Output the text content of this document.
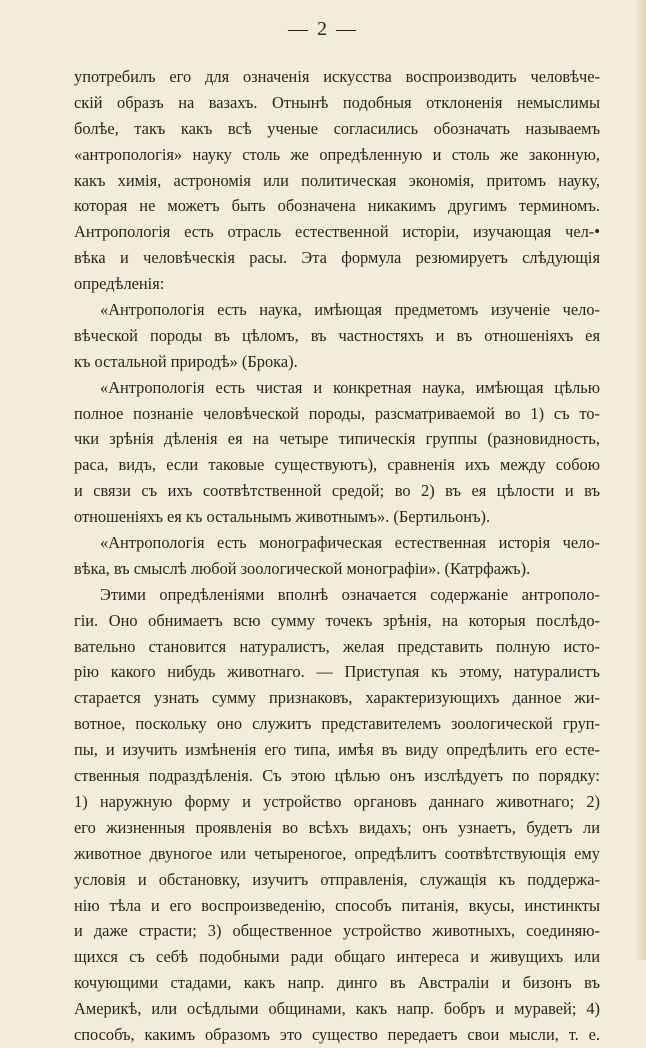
— 2 —
употребилъ его для означенія искусства воспроизводить человѣче-
скій образъ на вазахъ. Отнынѣ подобныя отклоненія немыслимы
болѣе, такъ какъ всѣ ученые согласились обозначать называемъ
«антропологія» науку столь же опредѣленную и столь же законную,
какъ химія, астрономія или политическая экономія, притомъ науку,
которая не можетъ быть обозначена никакимъ другимъ терминомъ.
Антропологія есть отрасль естественной исторіи, изучающая чел-•
вѣка и человѣческія расы. Эта формула резюмируетъ слѣдующія
опредѣленія:
«Антропологія есть наука, имѣющая предметомъ изученіе чело-
вѣческой породы въ цѣломъ, въ частностяхъ и въ отношеніяхъ ея
къ остальной природѣ» (Брока).
«Антропологія есть чистая и конкретная наука, имѣющая цѣлью
полное познаніе человѣческой породы, разсматриваемой во 1) съ то-
чки зрѣнія дѣленія ея на четыре типическія группы (разновидность,
раса, видъ, если таковые существуютъ), сравненія ихъ между собою
и связи съ ихъ соотвѣтственной средой; во 2) въ ея цѣлости и въ
отношеніяхъ ея къ остальнымъ животнымъ». (Бертильонъ).
«Антропологія есть монографическая естественная исторія чело-
вѣка, въ смыслѣ любой зоологической монографіи». (Катрфажъ).
Этими опредѣленіями вполнѣ означается содержаніе антрополо-
гіи. Оно обнимаетъ всю сумму точекъ зрѣнія, на которыя послѣдо-
вательно становится натуралистъ, желая представить полную исто-
рію какого нибудь животнаго. — Приступая къ этому, натуралистъ
старается узнать сумму признаковъ, характеризующихъ данное жи-
вотное, поскольку оно служитъ представителемъ зоологической груп-
пы, и изучить измѣненія его типа, имѣя въ виду опредѣлить его есте-
ственныя подраздѣленія. Съ этою цѣлью онъ изслѣдуетъ по порядку:
1) наружную форму и устройство органовъ даннаго животнаго; 2)
его жизненныя проявленія во всѣхъ видахъ; онъ узнаетъ, будетъ ли
животное двуногое или четыреногое, опредѣлитъ соотвѣтствующія ему
условія и обстановку, изучитъ отправленія, служащія къ поддержа-
нію тѣла и его воспроизведенію, способъ питанія, вкусы, инстинкты
и даже страсти; 3) общественное устройство животныхъ, соединяю-
щихся съ себѣ подобными ради общаго интереса и живущихъ или
кочующими стадами, какъ напр. динго въ Австраліи и бизонъ въ
Америкѣ, или осѣдлыми общинами, какъ напр. бобръ и муравей; 4)
способъ, какимъ образомъ это существо передаетъ свои мысли, т. е.
